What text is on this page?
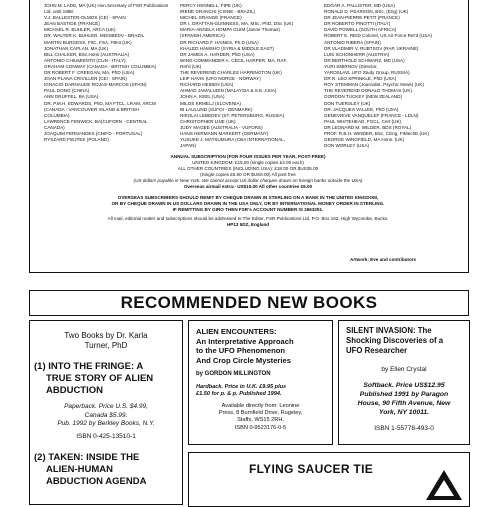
JOHN M. LADE, MA (UK) Hon.Secretary of FSR Publications
Ltd. until 1988.
V.J. BALLESTER-OLMOS (CE) - SPAIN
JEAN BASTIDE (FRANCE)
MICHAEL R. BUHLER, ARCA (UK)
DR. WALTER K. BUHLER, MD/SBEDV - BRAZIL
MARTIN BURGESS, FIIC, FSA, FBHI (UK)
JONATHAN CAPLAN, MA (UK)
BILL CHALKER, BSc.Hons (AUSTRALIA)
ANTONIO CHIUMIENTO (CUN - ITALY)
GRAHAM CONWAY (CANADA - BRITISH COLUMBIA)
DR ROBERT F. CREEGAN, MA, PhD (USA)
JOAN PLANA CRIVILLEN (CEI - SPAIN)
IGNACIO DARNAUDE ROJAS-MARCOS (SPAIN)
PAUL DONG (CHINA)
ANN DRUFFEL, BA (USA)
DR. P.M.H. EDWARDS, PhD, MA FTCL, LRAM, ARCM
(CANADA - VANCOUVER ISLAND & BRITISH
COLUMBIA)
LAWRENCE FENWICK, BA(CUFORN - CENTRAL
CANADA)
JOAQUIM FERNANDES (CNIFO - PORTUGAL)
RYSZARD FIEJTEK (POLAND)
PERCY HENNELL, FIPE (UK)
IRENE GRANCHI (CISNE - BRAZIL)
MICHEL GRANGE (FRANCE)
DR I. GRATTAN-GUINNESS, MA, MSc, PhD, DSc (UK)
MARIA-ANGELA HOMPA GUIM (Janne Thomas)
(SPANISH AMERICA)
DR RICHARD F. HAINES, Ph.D (USA)
KHALED HAMSHO (SYRIA & MIDDLE EAST)
DR JAMES A. HARDER, PhD (USA)
WING-COMMANDER A. CECIL HARPER, MA, RAF,
Ret'd (UK)
THE REVEREND CHARLES HARRINGTON (UK)
LEIF HAVIK (UFO NORGE - NORWAY)
RICHARD HEIDEN (USA)
AHMAD JAMALUDIN (MALAYSIA & S.E. ASIA)
JOHN A. KEEL (USA)
MILOS KRMELJ (SLOVENIA)
IB LAULUND (SUFOI - DENMARK)
NIKOLAI LEBEDEV (ST. PETERSBURG, RUSSIA)
CHRISTOPHER LINE (UK)
JUDY MAGEE (AUSTRALIA - VUFORS)
HANS HERMANN MARKERT (GERMANY)
YUSUKE J. MATSUMURA (CBA INTERNATIONAL,
JAPAN)
EDGAR A. PALLISTER, MD (USA)
RONALD D. PEARSON, BSc, (Eng) (UK)
DR JEAN-PIERRE PETIT (FRANCE)
DR ROBERTO PINOTTI (ITALY)
DAVID POWELL (SOUTH AFRICA)
ROBERT E. REID Colonel, US Air Force Ret'd (USA)
ANTONIO RIBERA (SPAIN)
DR VLADIMIR V. RUBTSOV (RAP, UKRAINE)
LUIS SCHONHERR (AUSTRIA)
DR BERTHOLD SCHWARZ, MD (USA)
YURI SMIRNOV (Director,
YAROSLAVL UFO Study Group, RUSSIA)
DR R. LEO SPRINKLE, PhD (USA)
ROY STEMMAN (Journalist, Psychic News) (UK)
THE REVEREND DONALD THOMAS (UK)
GORDON TUCKEY (NEW ZEALAND)
DON TUERSLEY (UK)
DR. JACQUES VALLEE, PhD (USA)
GENEVIEVE VANQUELEF (FRANCE - LDLN)
PAUL WHITEHEAD, FGCL, Cert (UK)
DR LEONARD M. WILDER, BDS (ROYAL)
PROF. R.B.H. WINDER, BSc, CEng, FIMechE (UK)
GEORGE WINGFIELD, MA Hons. (UK)
DON WORLEY (USA)
ANNUAL SUBSCRIPTION (FOR FOUR ISSUES PER YEAR, POST-FREE)
UNITED KINGDOM: £15.00 (single copies £4.00 each)
ALL OTHER COUNTRIES (INCLUDING USA): £18.00 OR $US35.00
(Single copies £5.00 OR $US9.00) All post free
(US dollars payable in New York. We cannot accept US dollar cheques drawn on foreign banks outside the USA)
Overseas airmail extra:- US$10.00 All other countries £6.00
OVERSEAS SUBSCRIBERS SHOULD REMIT BY CHEQUE DRAWN IN STERLING ON A BANK IN THE UNITED KINGDOM,
OR BY CHEQUE DRAWN IN US DOLLARS DRAWN IN THE USA ONLY, OR BY INTERNATIONAL MONEY ORDER IN STERLING.
IF REMITTING BY GIRO THEN FSR's ACCOUNT NUMBER IS 3563251.
All mail, editorial matter and subscriptions should be addressed to The Editor, FSR Publications Ltd, P.O. Box 162, High Wycombe, Bucks.
HP13 5DZ, England
Artwork: Eve and contributors
RECOMMENDED NEW BOOKS
Two Books by Dr. Karla
Turner, PhD
(1) INTO THE FRINGE: A
TRUE STORY OF ALIEN
ABDUCTION
Paperback. Price U.S. $4.99,
Canada $5.99.
Pub. 1992 by Berkley Books, N.Y.
ISBN 0-425-13510-1
(2) TAKEN: INSIDE THE
ALIEN-HUMAN
ABDUCTION AGENDA
ALIEN ENCOUNTERS:
An Interpretative Approach
to the UFO Phenomenon
And Crop Circle Mysteries
by GORDON MILLINGTON
Hardback. Price in U.K. £9.95 plus
£1.50 for p. & p. Published 1994.
Available directly from: Leonine
Press, 8 Burnfield Drive, Rugeley,
Staffs, WS15 2RH.
ISBN 0-9523176-0-5
SILENT INVASION: The
Shocking Discoveries of a
UFO Researcher
by Ellen Crystal
Softback. Price US$12.95
Published 1991 by Paragon
House, 90 Fifth Avenue, New
York, NY 10011.
ISBN 1-55778-493-0
FLYING SAUCER TIE
